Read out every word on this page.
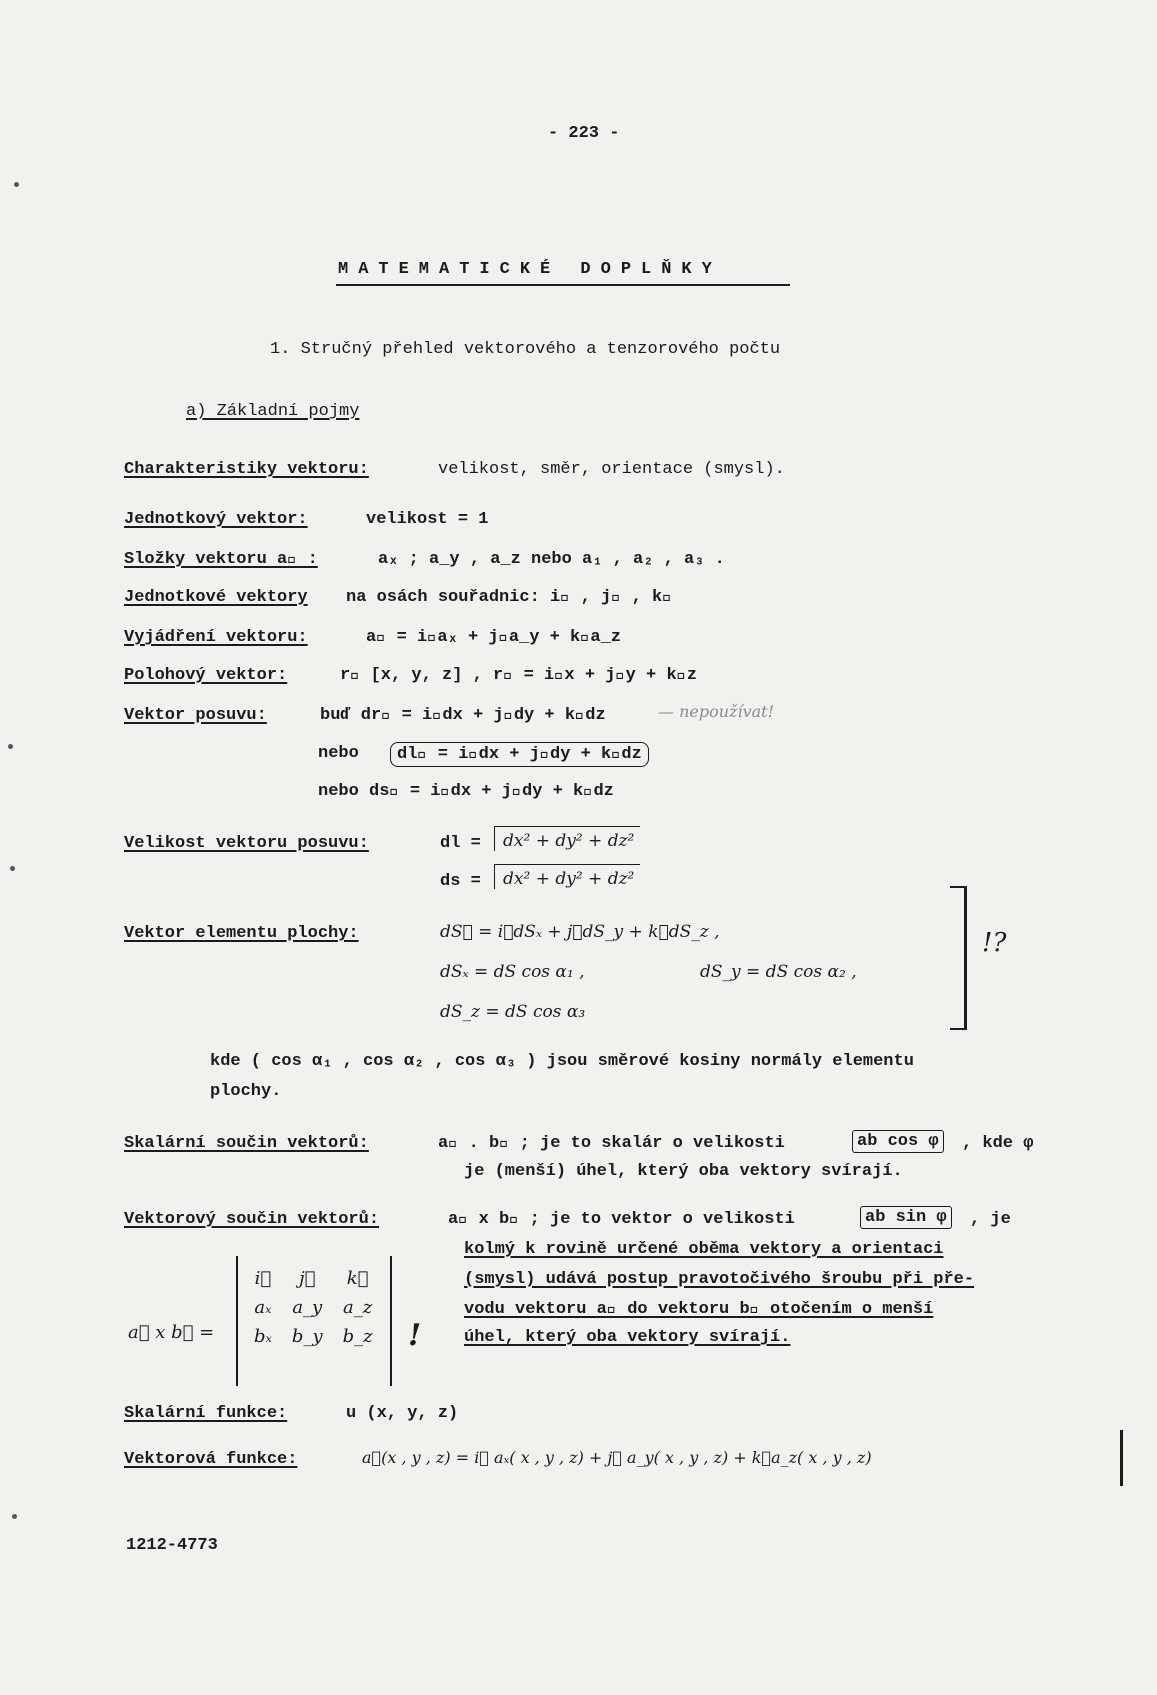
- 223 -
MATEMATICKÉ DOPLŇKY
1. Stručný přehled vektorového a tenzorového počtu
a) Základní pojmy
Charakteristiky vektoru:	velikost, směr, orientace (smysl).
Jednotkový vektor:	velikost = 1
Složky vektoru a⃗ :	aₓ ; a_y , a_z nebo a₁ , a₂ , a₃ .
Jednotkové vektory na osách souřadnic: i⃗ , j⃗ , k⃗
Vyjádření vektoru:	a⃗ = i⃗aₓ + j⃗a_y + k⃗a_z
Polohový vektor:	r⃗ [x, y, z] , r⃗ = i⃗x + j⃗y + k⃗z
Vektor posuvu:	buď dr⃗ = i⃗dx + j⃗dy + k⃗dz	— nepoužívat!
nebo	dl⃗ = i⃗dx + j⃗dy + k⃗dz
nebo ds⃗ = i⃗dx + j⃗dy + k⃗dz
Velikost vektoru posuvu:	dl =	dx² + dy² + dz²
ds =	dx² + dy² + dz²
Vektor elementu plochy:	dS⃗ = i⃗dSₓ + j⃗dS_y + k⃗dS_z ,
dSₓ = dS cos α₁ ,	dS_y = dS cos α₂ ,
dS_z = dS cos α₃
!?
kde ( cos α₁ , cos α₂ , cos α₃ ) jsou směrové kosiny normály elementu
plochy.
Skalární součin vektorů:	a⃗ . b⃗ ; je to skalár o velikosti	ab cos φ , kde φ
je (menší) úhel, který oba vektory svírají.
Vektorový součin vektorů:	a⃗ x b⃗ ; je to vektor o velikosti	ab sin φ , je
kolmý k rovině určené oběma vektory a orientaci
(smysl) udává postup pravotočivého šroubu při pře-
vodu vektoru a⃗ do vektoru b⃗ otočením o menší
úhel, který oba vektory svírají.
a⃗ x b⃗ =
i⃗	j⃗	k⃗
aₓ	a_y	a_z
bₓ	b_y	b_z !
Skalární funkce:	u (x, y, z)
Vektorová funkce:	a⃗(x , y , z) = i⃗ aₓ( x , y , z) + j⃗ a_y( x , y , z) + k⃗a_z( x , y , z)
1212-4773
